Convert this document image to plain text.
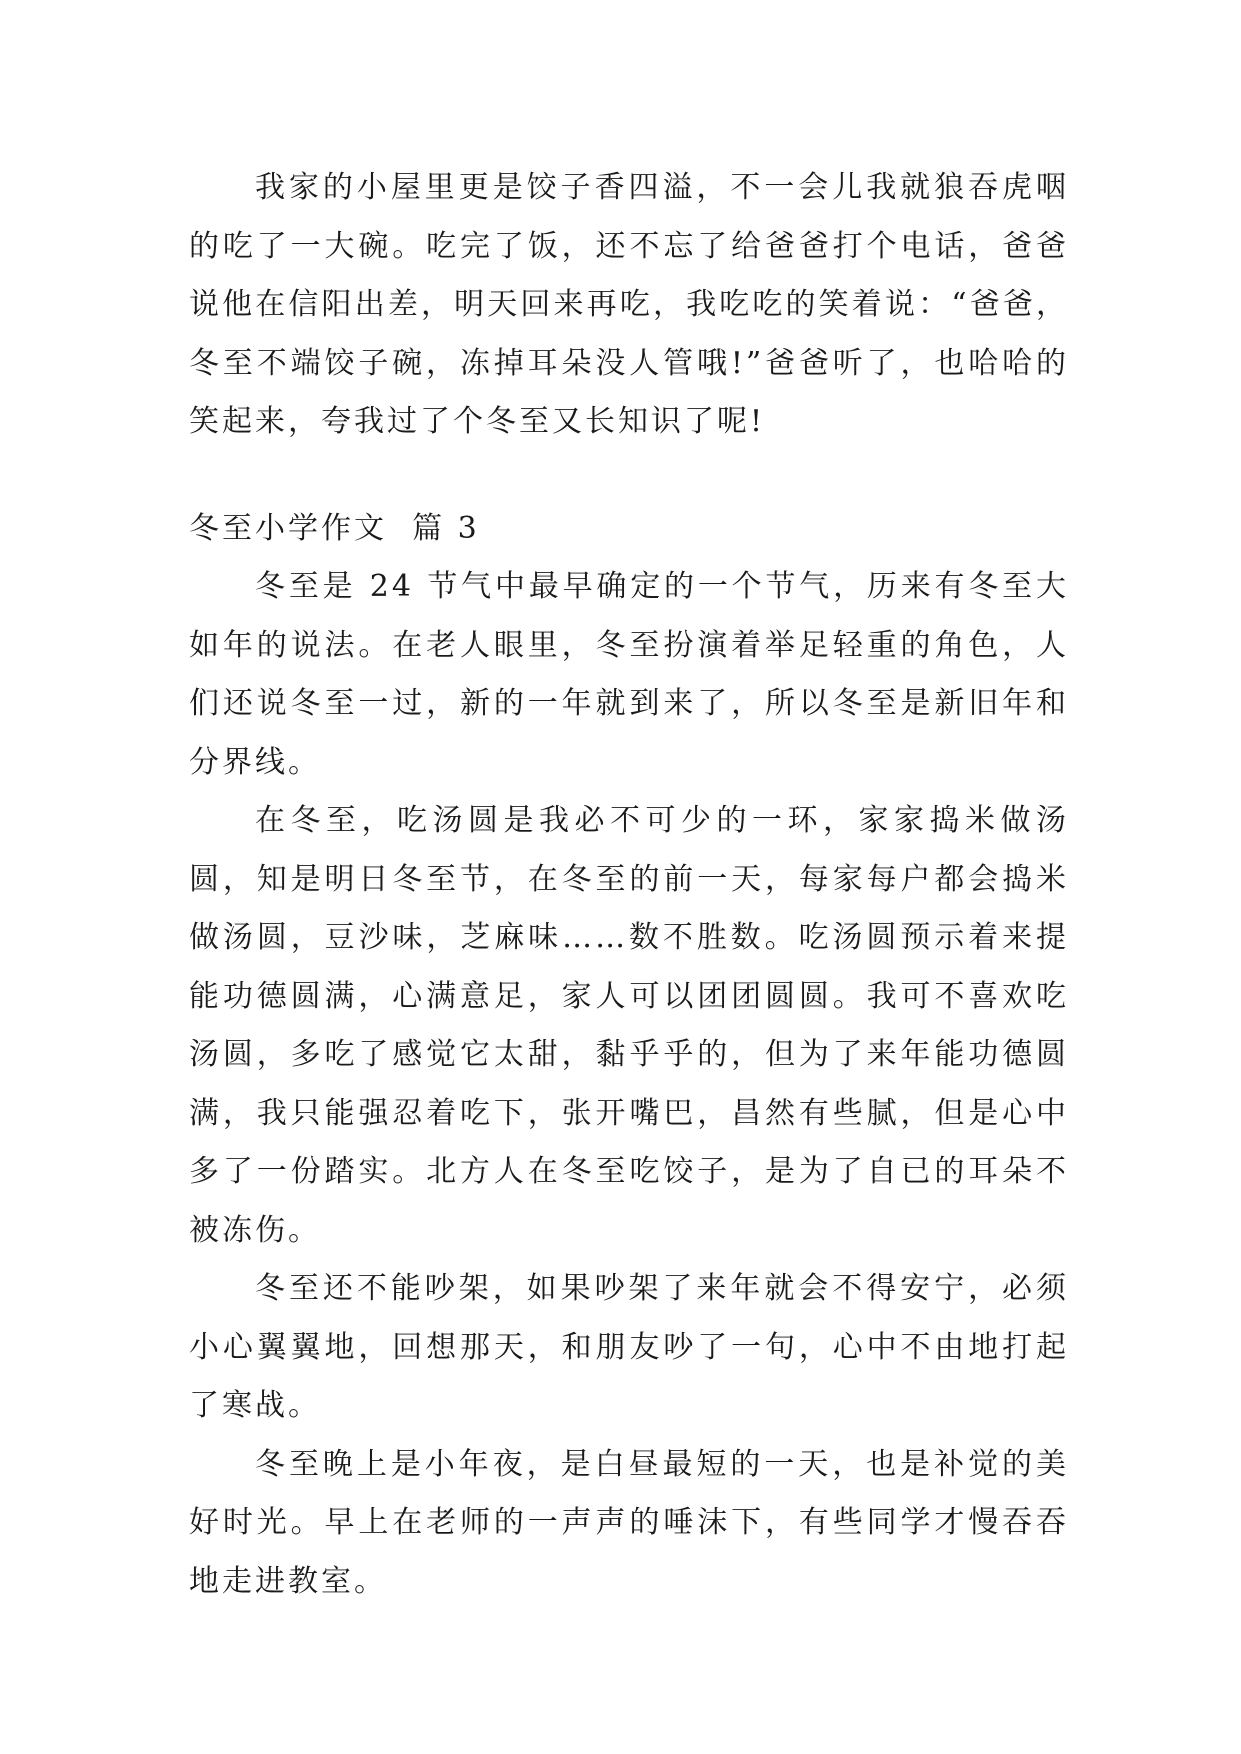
我家的小屋里更是饺子香四溢，不一会儿我就狼吞虎咽的吃了一大碗。吃完了饭，还不忘了给爸爸打个电话，爸爸说他在信阳出差，明天回来再吃，我吃吃的笑着说：“爸爸，冬至不端饺子碗，冻掉耳朵没人管哦!”爸爸听了，也哈哈的笑起来，夸我过了个冬至又长知识了呢!

冬至小学作文  篇 3

冬至是 24 节气中最早确定的一个节气，历来有冬至大如年的说法。在老人眼里，冬至扮演着举足轻重的角色，人们还说冬至一过，新的一年就到来了，所以冬至是新旧年和分界线。

在冬至，吃汤圆是我必不可少的一环，家家捣米做汤圆，知是明日冬至节，在冬至的前一天，每家每户都会捣米做汤圆，豆沙味，芝麻味……数不胜数。吃汤圆预示着来提能功德圆满，心满意足，家人可以团团圆圆。我可不喜欢吃汤圆，多吃了感觉它太甜，黏乎乎的，但为了来年能功德圆满，我只能强忍着吃下，张开嘴巴，昌然有些腻，但是心中多了一份踏实。北方人在冬至吃饺子，是为了自已的耳朵不被冻伤。

冬至还不能吵架，如果吵架了来年就会不得安宁，必须小心翼翼地，回想那天，和朋友吵了一句，心中不由地打起了寒战。

冬至晚上是小年夜，是白昼最短的一天，也是补觉的美好时光。早上在老师的一声声的唾沫下，有些同学才慢吞吞地走进教室。
